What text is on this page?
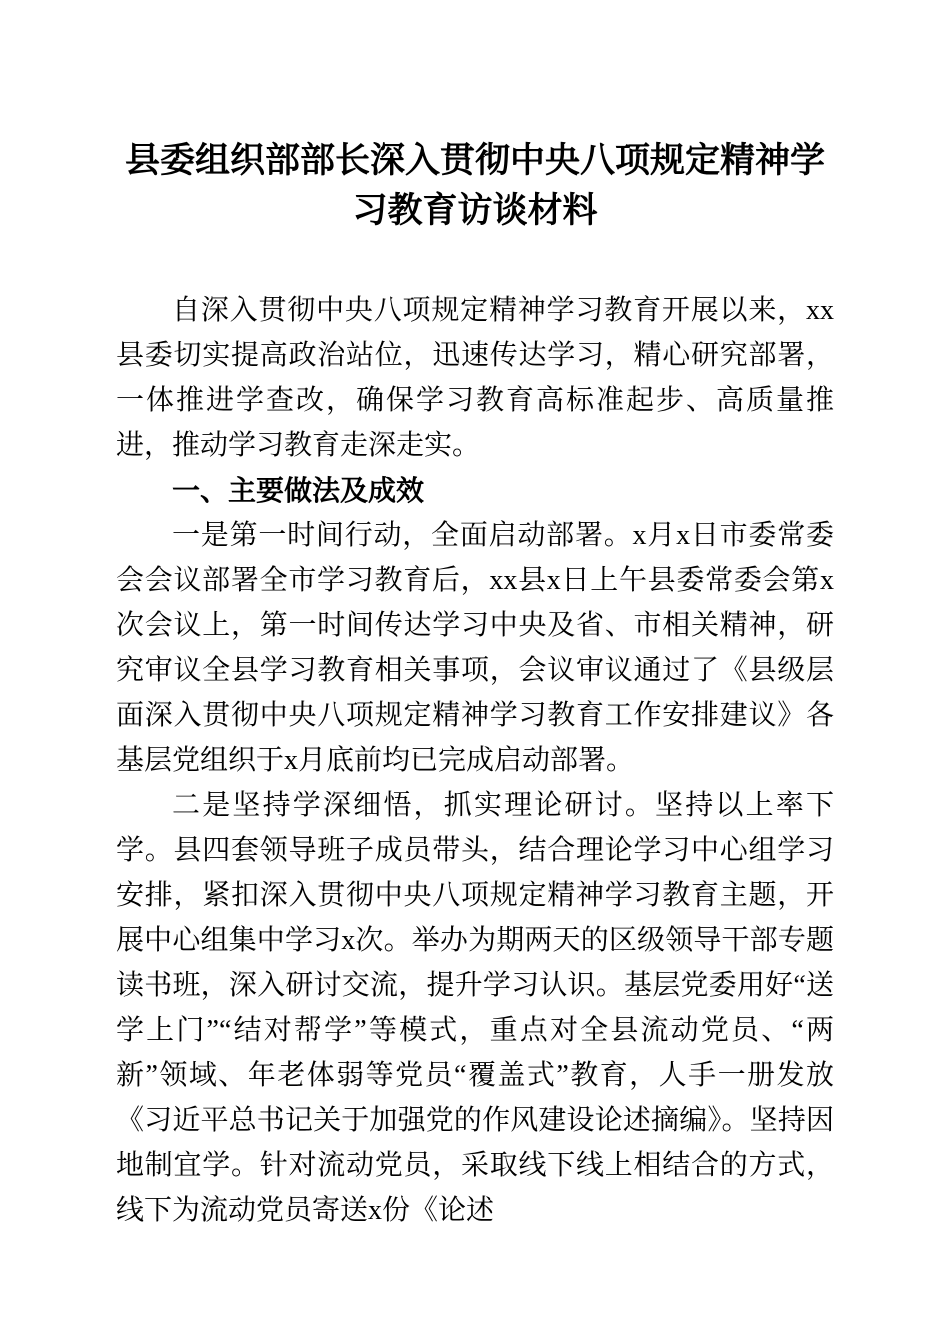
县委组织部部长深入贯彻中央八项规定精神学习教育访谈材料

自深入贯彻中央八项规定精神学习教育开展以来，xx县委切实提高政治站位，迅速传达学习，精心研究部署，一体推进学查改，确保学习教育高标准起步、高质量推进，推动学习教育走深走实。

一、主要做法及成效

一是第一时间行动，全面启动部署。x月x日市委常委会会议部署全市学习教育后，xx县x日上午县委常委会第x次会议上，第一时间传达学习中央及省、市相关精神，研究审议全县学习教育相关事项，会议审议通过了《县级层面深入贯彻中央八项规定精神学习教育工作安排建议》各基层党组织于x月底前均已完成启动部署。

二是坚持学深细悟，抓实理论研讨。坚持以上率下学。县四套领导班子成员带头，结合理论学习中心组学习安排，紧扣深入贯彻中央八项规定精神学习教育主题，开展中心组集中学习x次。举办为期两天的区级领导干部专题读书班，深入研讨交流，提升学习认识。基层党委用好“送学上门”“结对帮学”等模式，重点对全县流动党员、“两新”领域、年老体弱等党员“覆盖式”教育，人手一册发放《习近平总书记关于加强党的作风建设论述摘编》。坚持因地制宜学。针对流动党员，采取线下线上相结合的方式，线下为流动党员寄送x份《论述
